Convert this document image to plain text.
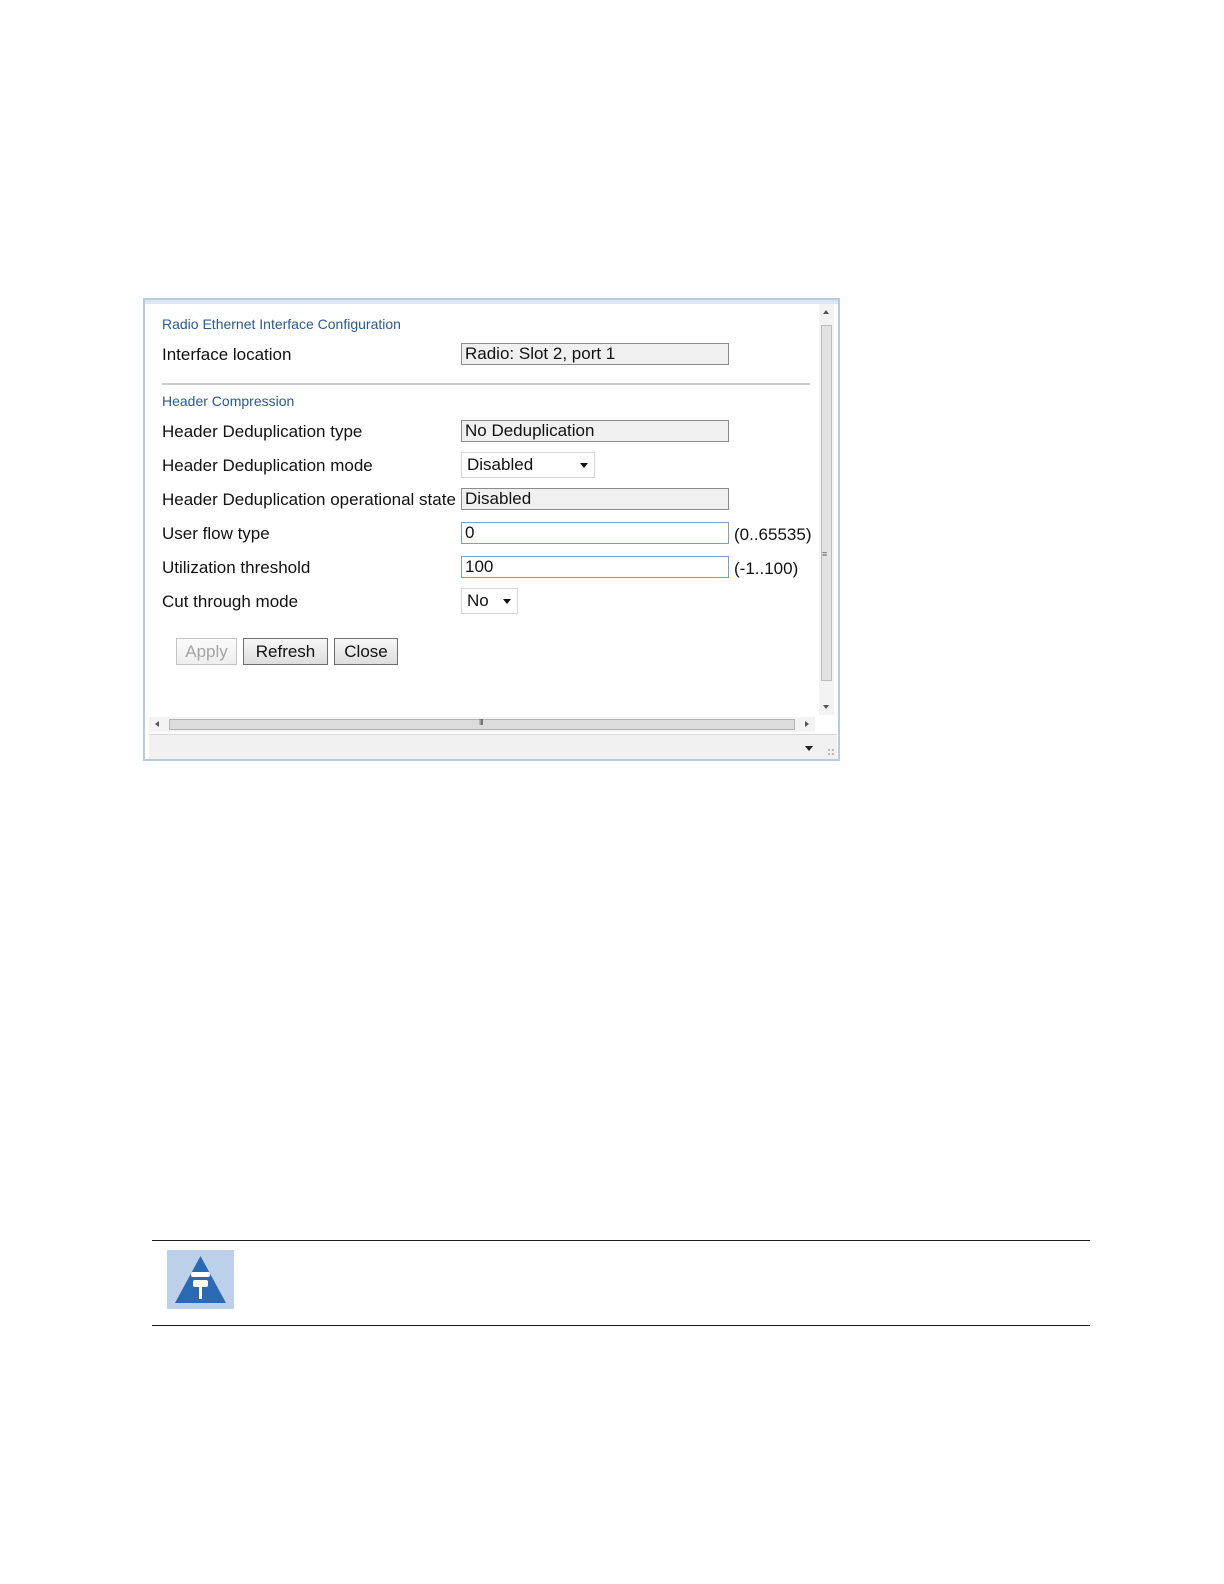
Radio Ethernet Interface Configuration
Interface location	Radio: Slot 2, port 1
Header Compression
Header Deduplication type	No Deduplication
Header Deduplication mode	Disabled
Header Deduplication operational state Disabled
User flow type	0	(0..65535)
Utilization threshold	100	(-1..100)
Cut through mode	No
Apply	Refresh	Close
≡
III
